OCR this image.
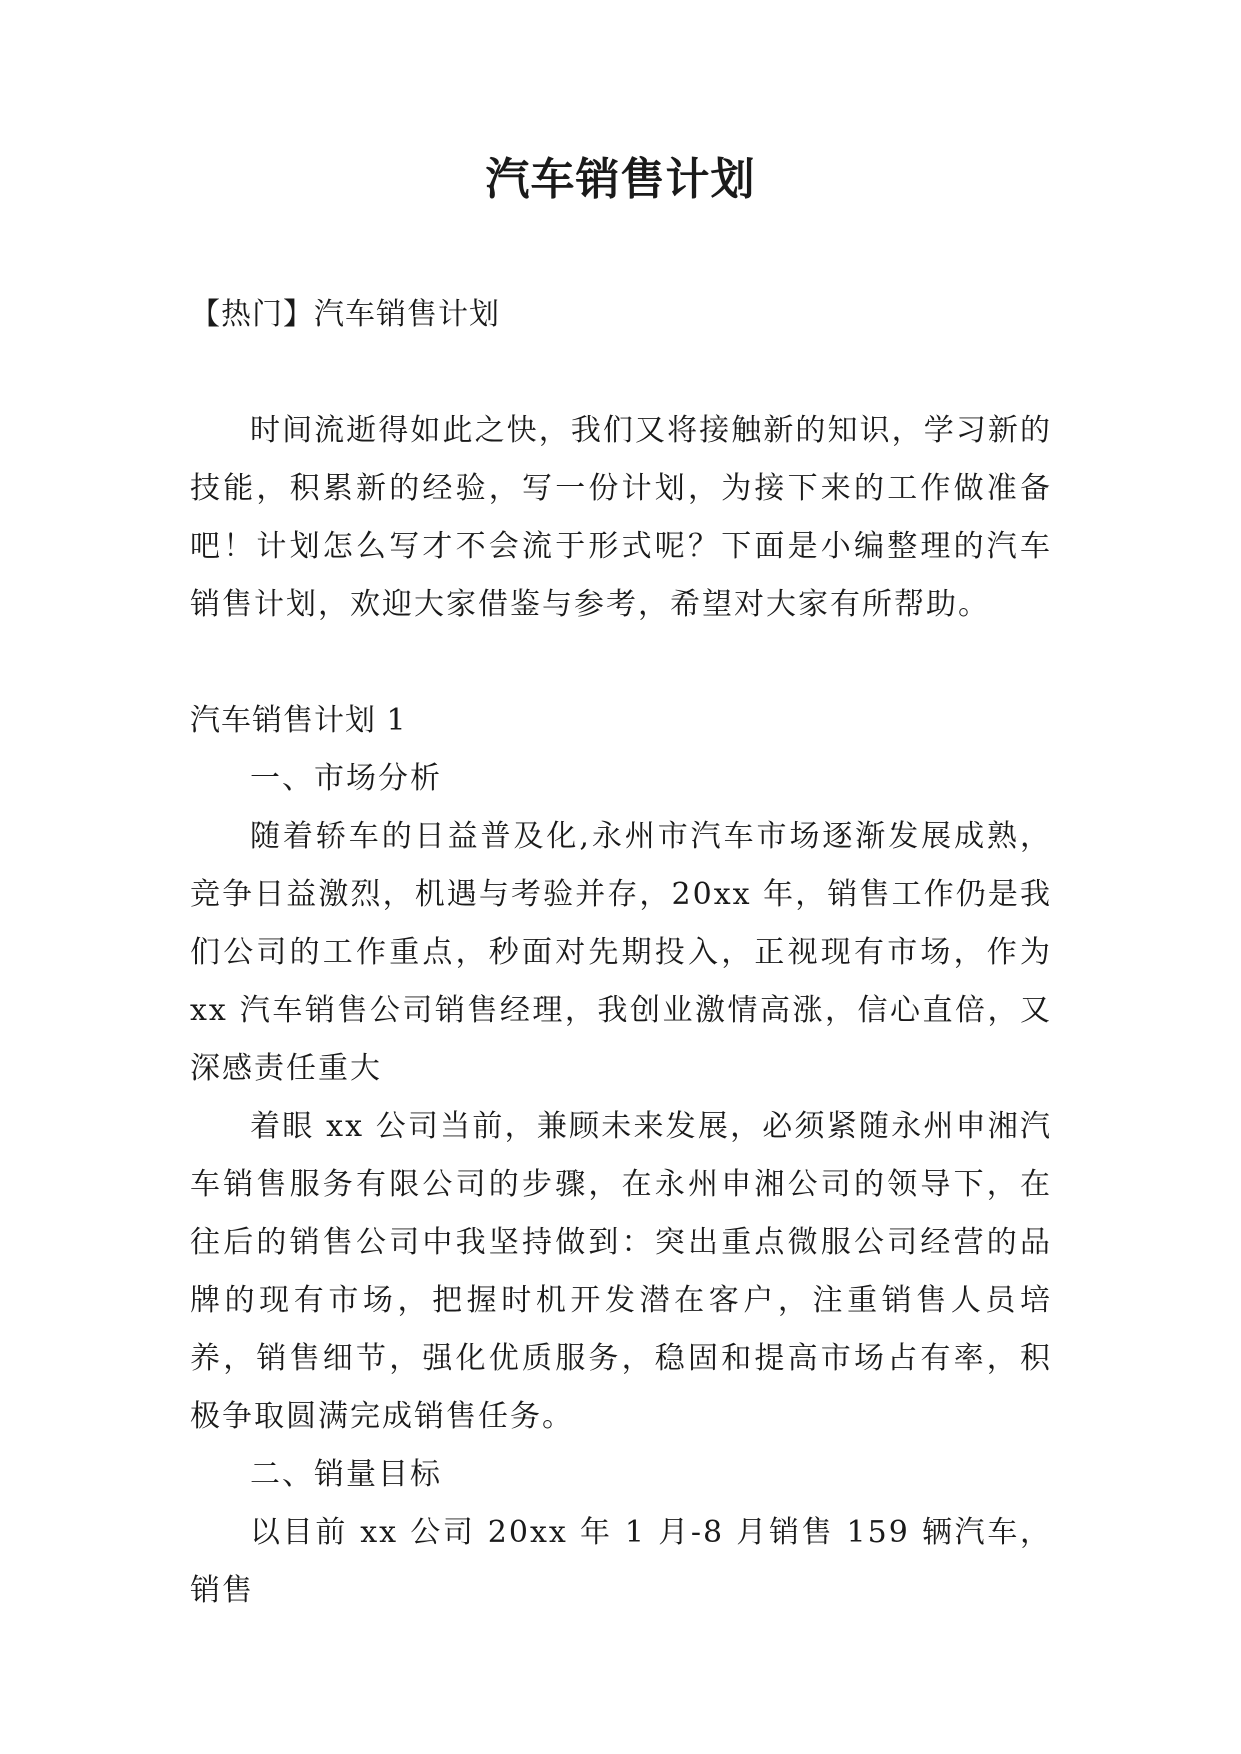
汽车销售计划

【热门】汽车销售计划

时间流逝得如此之快，我们又将接触新的知识，学习新的技能，积累新的经验，写一份计划，为接下来的工作做准备吧！计划怎么写才不会流于形式呢？下面是小编整理的汽车销售计划，欢迎大家借鉴与参考，希望对大家有所帮助。

汽车销售计划 1

一、市场分析

随着轿车的日益普及化,永州市汽车市场逐渐发展成熟，竞争日益激烈，机遇与考验并存，20xx 年，销售工作仍是我们公司的工作重点，秒面对先期投入，正视现有市场，作为xx 汽车销售公司销售经理，我创业激情高涨，信心直倍，又深感责任重大

着眼 xx 公司当前，兼顾未来发展，必须紧随永州申湘汽车销售服务有限公司的步骤，在永州申湘公司的领导下，在往后的销售公司中我坚持做到：突出重点微服公司经营的品牌的现有市场，把握时机开发潜在客户，注重销售人员培养，销售细节，强化优质服务，稳固和提高市场占有率，积极争取圆满完成销售任务。

二、销量目标

以目前 xx 公司 20xx 年 1 月-8 月销售 159 辆汽车，销售
